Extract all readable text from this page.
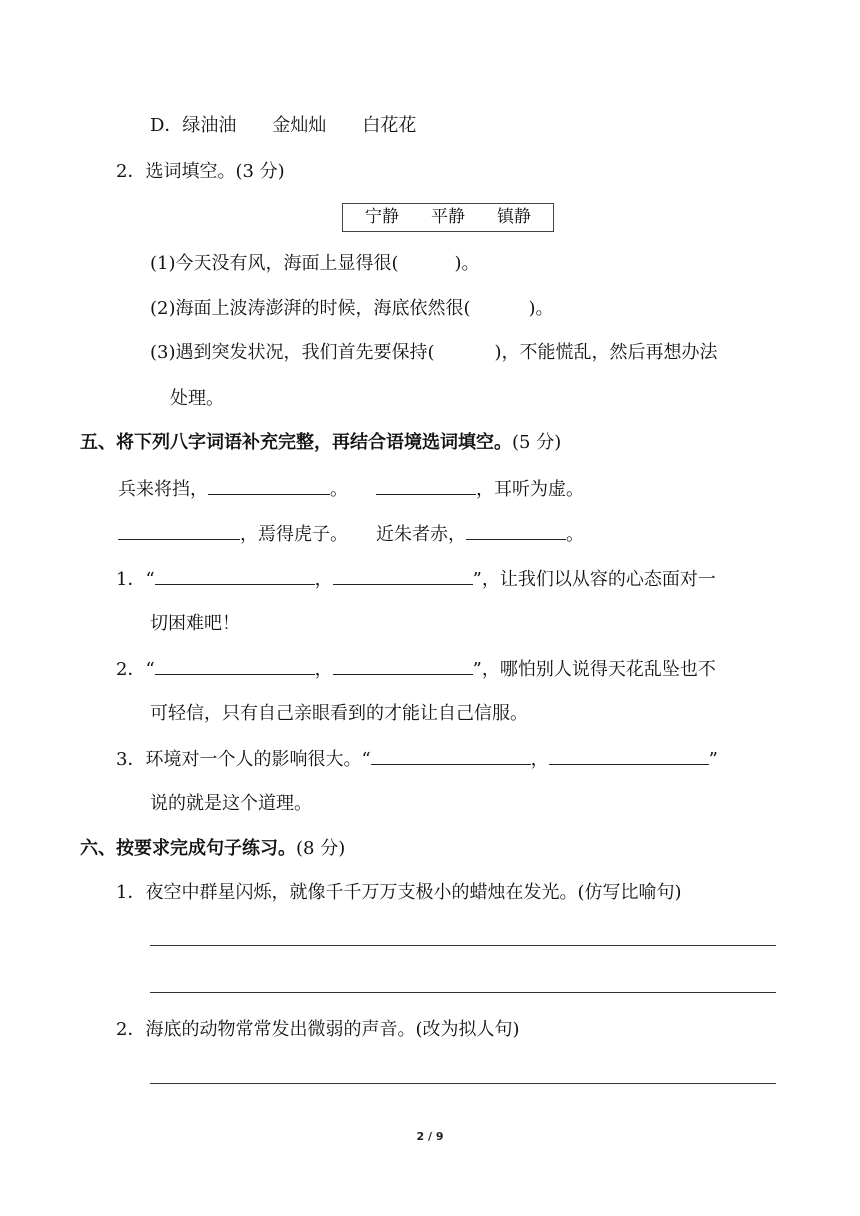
D．绿油油　　金灿灿　　白花花
2．选词填空。(3 分)
宁静 平静 镇静
(1)今天没有风，海面上显得很(	)。
(2)海面上波涛澎湃的时候，海底依然很(	)。
(3)遇到突发状况，我们首先要保持(	)，不能慌乱，然后再想办法
处理。
五、将下列八字词语补充完整，再结合语境选词填空。(5 分)
兵来将挡，	。	，耳听为虚。
，焉得虎子。 近朱者赤，	。
1．“	，	”，让我们以从容的心态面对一
切困难吧！
2．“	，	”，哪怕别人说得天花乱坠也不
可轻信，只有自己亲眼看到的才能让自己信服。
3．环境对一个人的影响很大。“	，	”
说的就是这个道理。
六、按要求完成句子练习。(8 分)
1．夜空中群星闪烁，就像千千万万支极小的蜡烛在发光。(仿写比喻句)
2．海底的动物常常发出微弱的声音。(改为拟人句)
2 / 9
